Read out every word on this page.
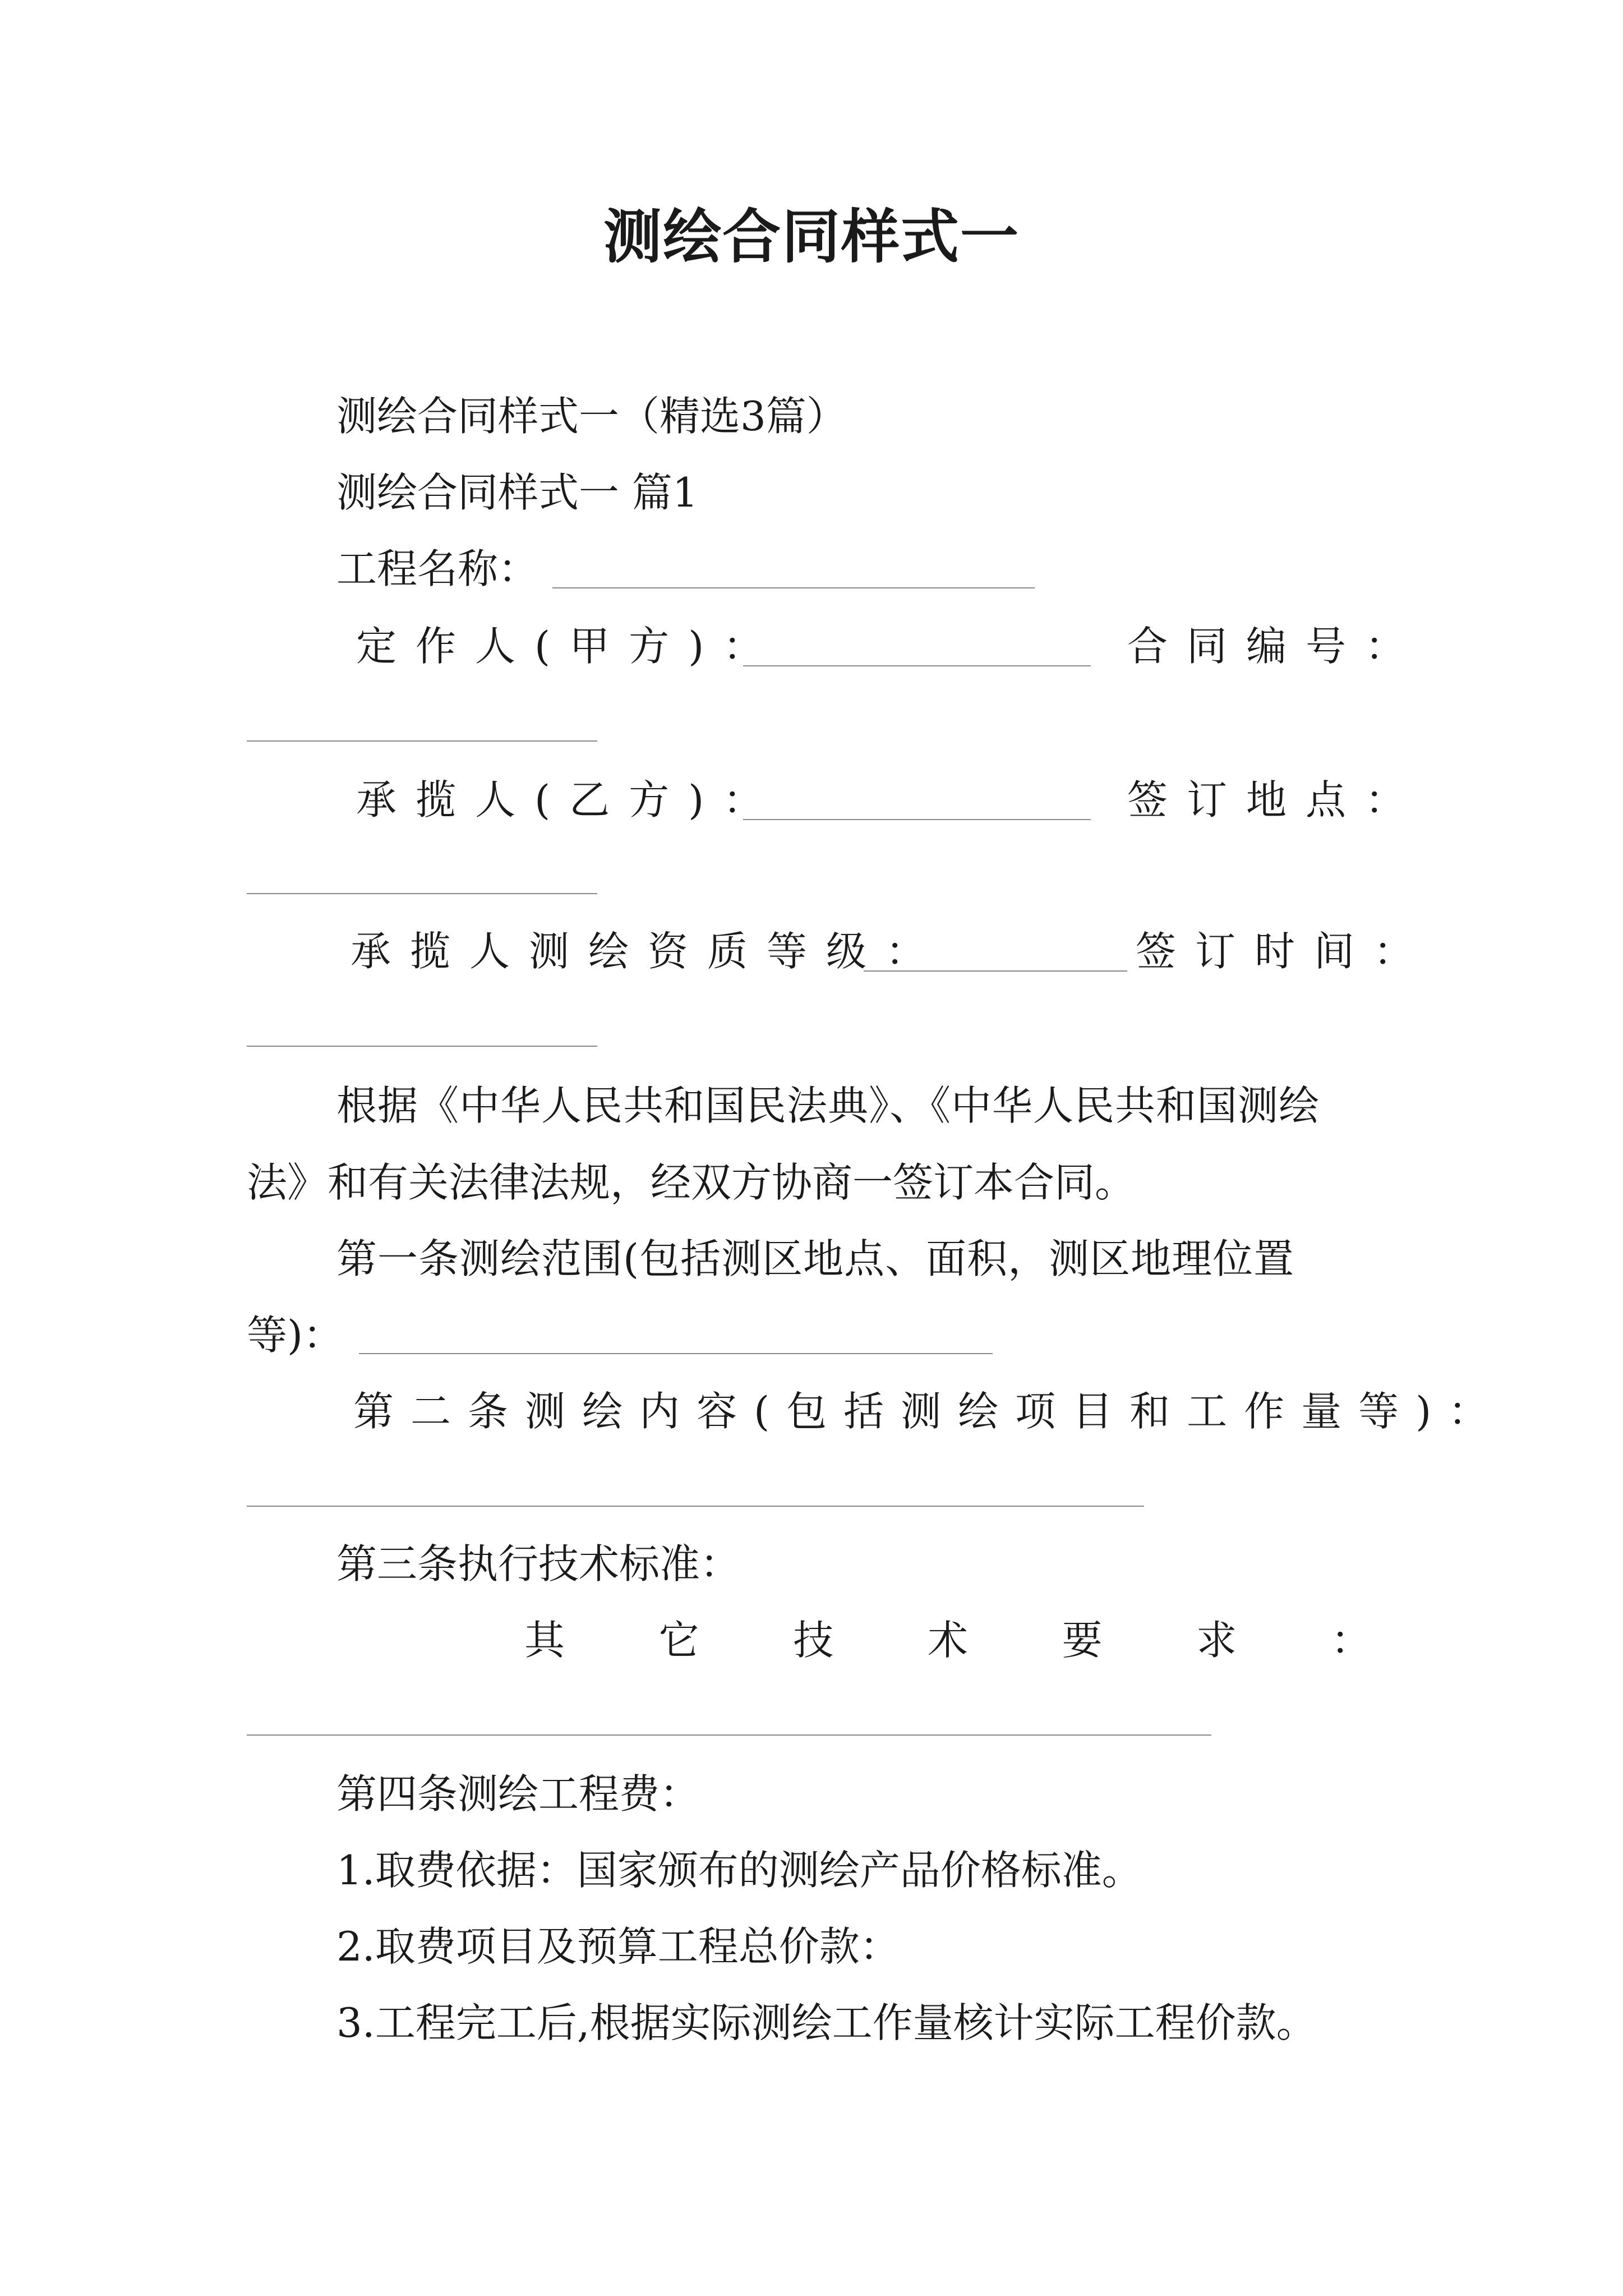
测绘合同样式一
测绘合同样式一（精选3篇）
测绘合同样式一 篇1
工程名称：
定作人(甲方)：	合同编号：
承揽人(乙方)：	签订地点：
承揽人测绘资质等级：	签订时间：
根据《中华人民共和国民法典》、《中华人民共和国测绘
法》和有关法律法规，经双方协商一签订本合同。
第一条测绘范围(包括测区地点、面积，测区地理位置
等)：
第二条测绘内容(包括测绘项目和工作量等)：
第三条执行技术标准：
其 它 技 术 要 求 ：
第四条测绘工程费：
1.取费依据：国家颁布的测绘产品价格标准。
2.取费项目及预算工程总价款：
3.工程完工后,根据实际测绘工作量核计实际工程价款。
